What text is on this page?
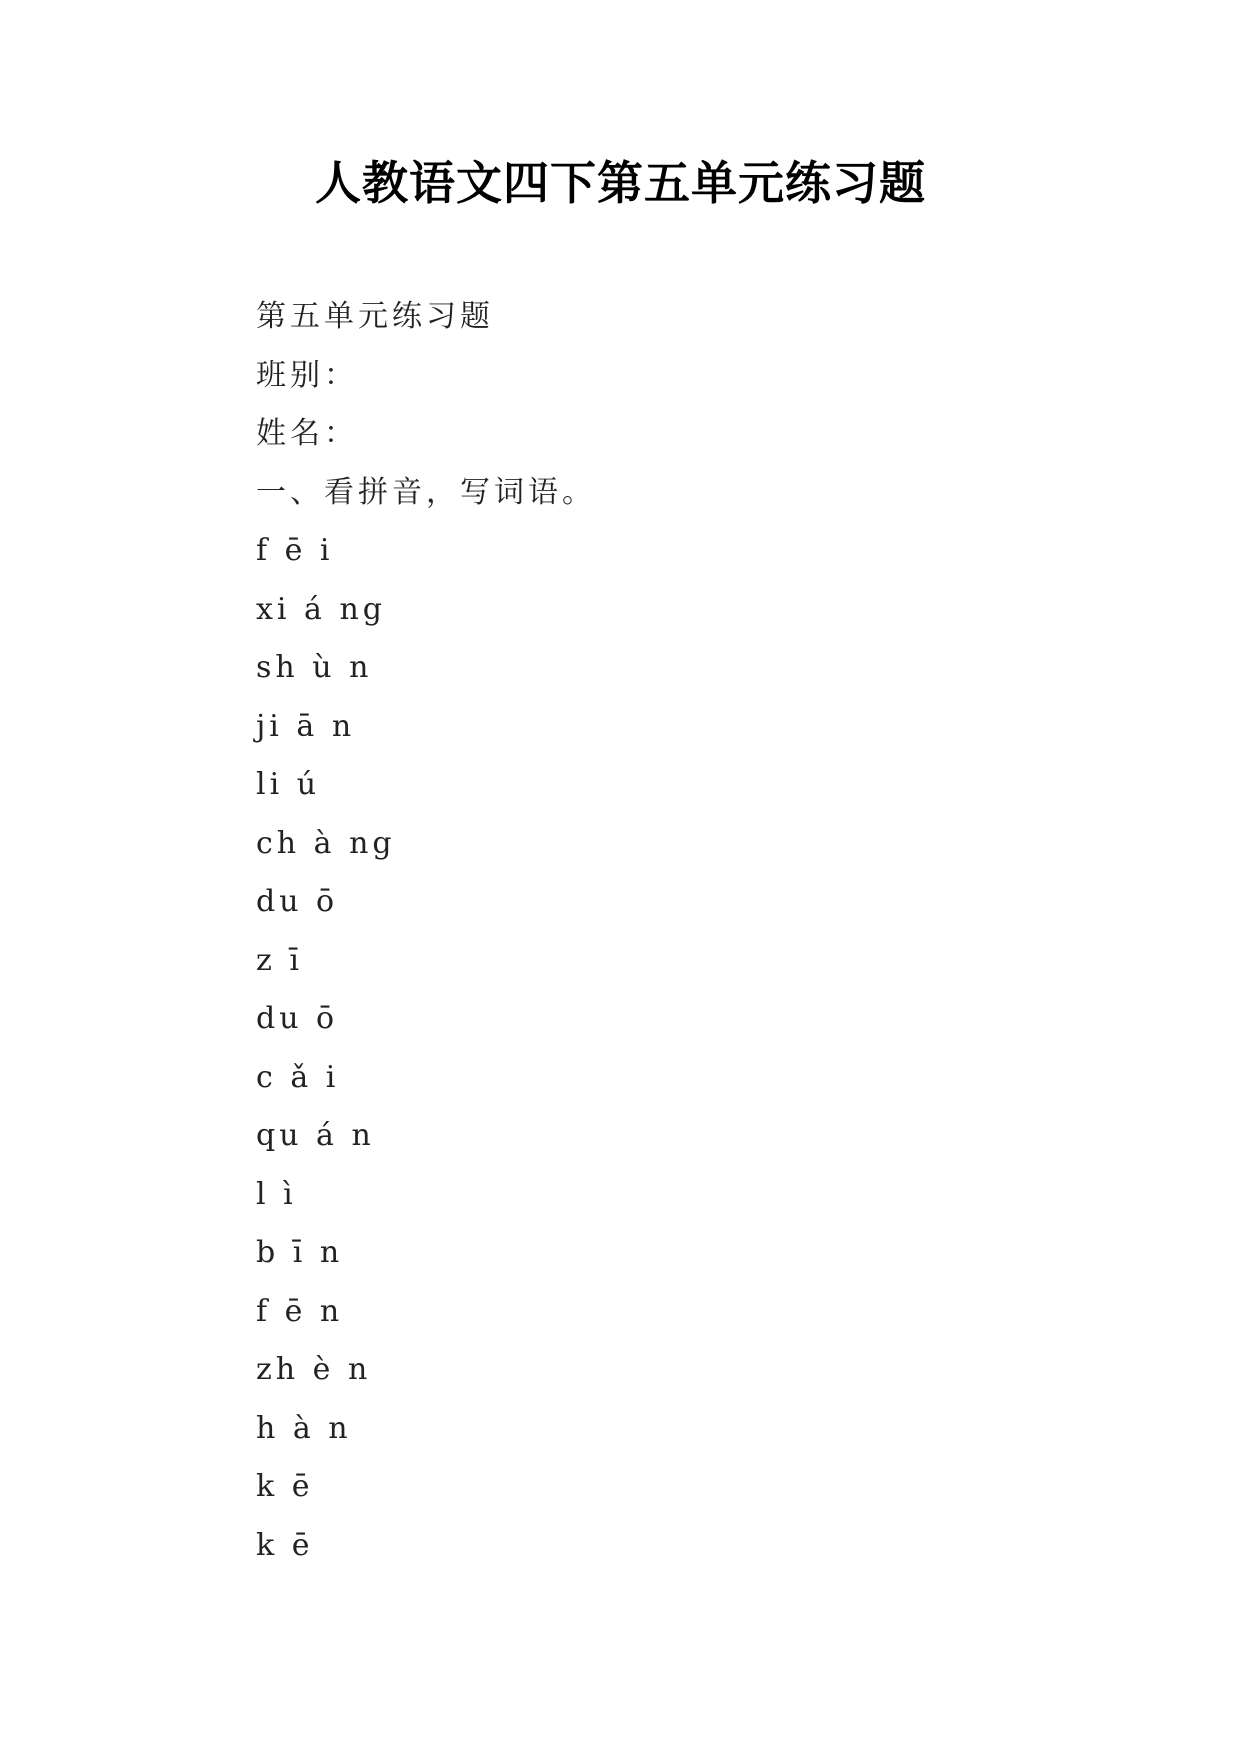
人教语文四下第五单元练习题
第五单元练习题
班别：
姓名：
一、看拼音，写词语。
f ē i
xi á ng
sh ù n
ji ā n
li ú
ch à ng
du ō
z ī
du ō
c ǎ i
qu á n
l ì
b ī n
f ē n
zh è n
h à n
k ē
k ē
